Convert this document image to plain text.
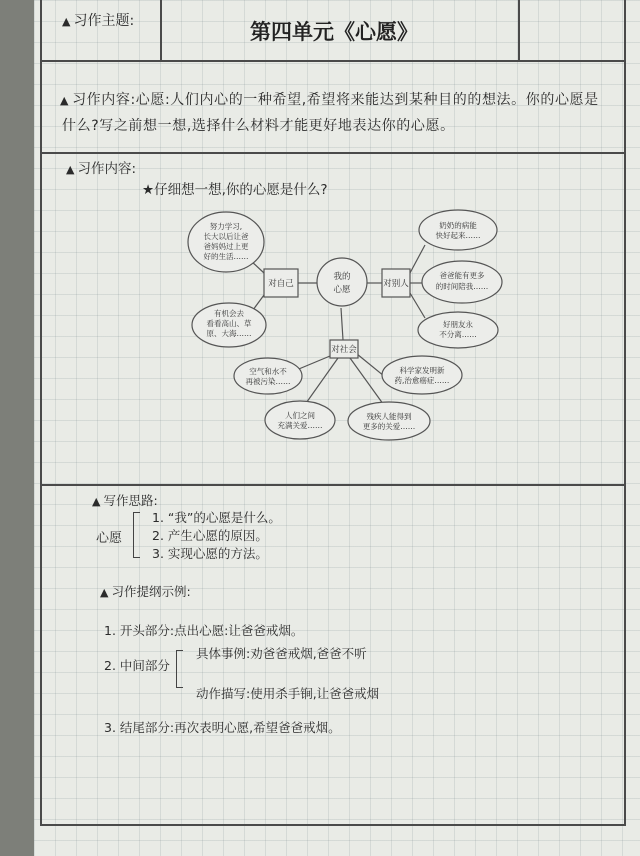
▲ 习作主题:	第四单元《心愿》
▲ 习作内容:心愿:人们内心的一种希望,希望将来能达到某种目的的想法。你的心愿是
什么?写之前想一想,选择什么材料才能更好地表达你的心愿。
▲ 习作内容:
★仔细想一想,你的心愿是什么?
我的
心愿
对自己	对别人
对社会
努力学习,
长大以后让爸
爸妈妈过上更
好的生活……
有机会去
看看高山、草
原、大海……
奶奶的病能
快好起来……
爸爸能有更多
的时间陪我……
好朋友永
不分离……
空气和水不
再被污染……
科学家发明新
药,治愈癌症……
人们之间
充满关爱……
残疾人能得到
更多的关爱……
▲ 写作思路:
心愿
1. “我”的心愿是什么。
2. 产生心愿的原因。
3. 实现心愿的方法。
▲ 习作提纲示例:
1. 开头部分:点出心愿:让爸爸戒烟。
2. 中间部分
具体事例:劝爸爸戒烟,爸爸不听
动作描写:使用杀手锏,让爸爸戒烟
3. 结尾部分:再次表明心愿,希望爸爸戒烟。
